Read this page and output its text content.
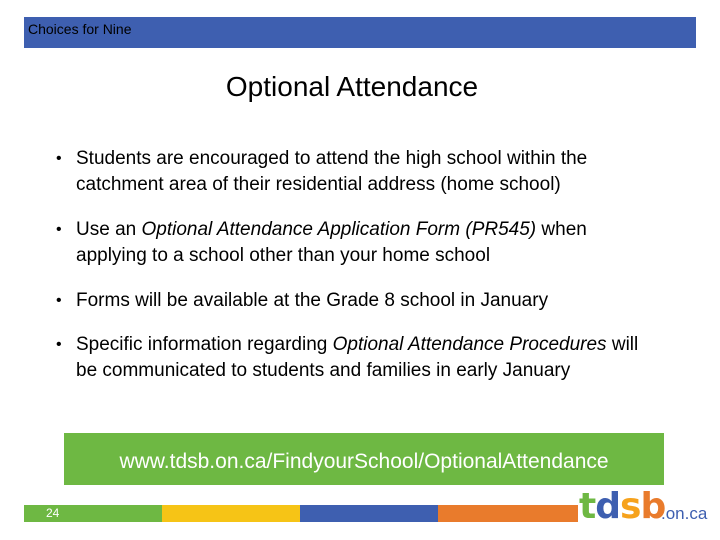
Choices for Nine
Optional Attendance
• Students are encouraged to attend the high school within the catchment area of their residential address (home school)
• Use an Optional Attendance Application Form (PR545) when applying to a school other than your home school
• Forms will be available at the Grade 8 school in January
• Specific information regarding Optional Attendance Procedures will be communicated to students and families in early January
www.tdsb.on.ca/FindyourSchool/OptionalAttendance
24	tdsb
.on.ca
